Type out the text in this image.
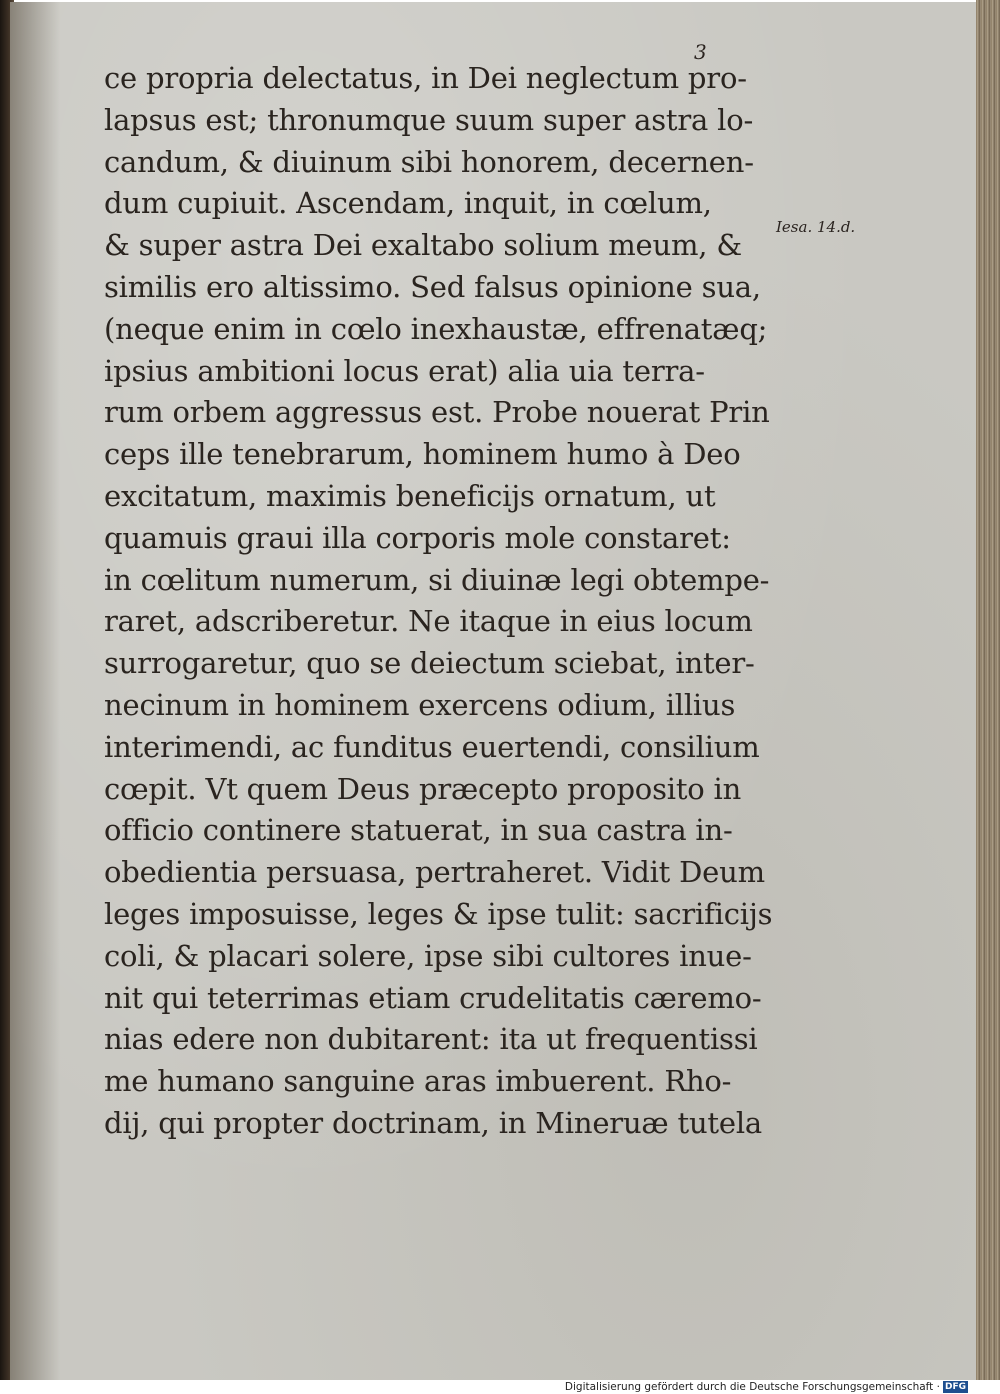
3
ce propria delectatus, in Dei neglectum pro-
lapsus est; thronumque suum super astra lo-
candum, & diuinum sibi honorem, decernen-
dum cupiuit. Ascendam, inquit, in cœlum,
& super astra Dei exaltabo solium meum, &
similis ero altissimo. Sed falsus opinione sua,
(neque enim in cœlo inexhaustæ, effrenatæq;
ipsius ambitioni locus erat) alia uia terra-
rum orbem aggressus est. Probe nouerat Prin
ceps ille tenebrarum, hominem humo à Deo
excitatum, maximis beneficijs ornatum, ut
quamuis graui illa corporis mole constaret:
in cœlitum numerum, si diuinæ legi obtempe-
raret, adscriberetur. Ne itaque in eius locum
surrogaretur, quo se deiectum sciebat, inter-
necinum in hominem exercens odium, illius
interimendi, ac funditus euertendi, consilium
cœpit. Vt quem Deus præcepto proposito in
officio continere statuerat, in sua castra in-
obedientia persuasa, pertraheret. Vidit Deum
leges imposuisse, leges & ipse tulit: sacrificijs
coli, & placari solere, ipse sibi cultores inue-
nit qui teterrimas etiam crudelitatis cæremo-
nias edere non dubitarent: ita ut frequentissi
me humano sanguine aras imbuerent. Rho-
dij, qui propter doctrinam, in Mineruæ tutela
Iesa. 14.d.
Digitalisierung gefördert durch die Deutsche Forschungsgemeinschaft · DFG
